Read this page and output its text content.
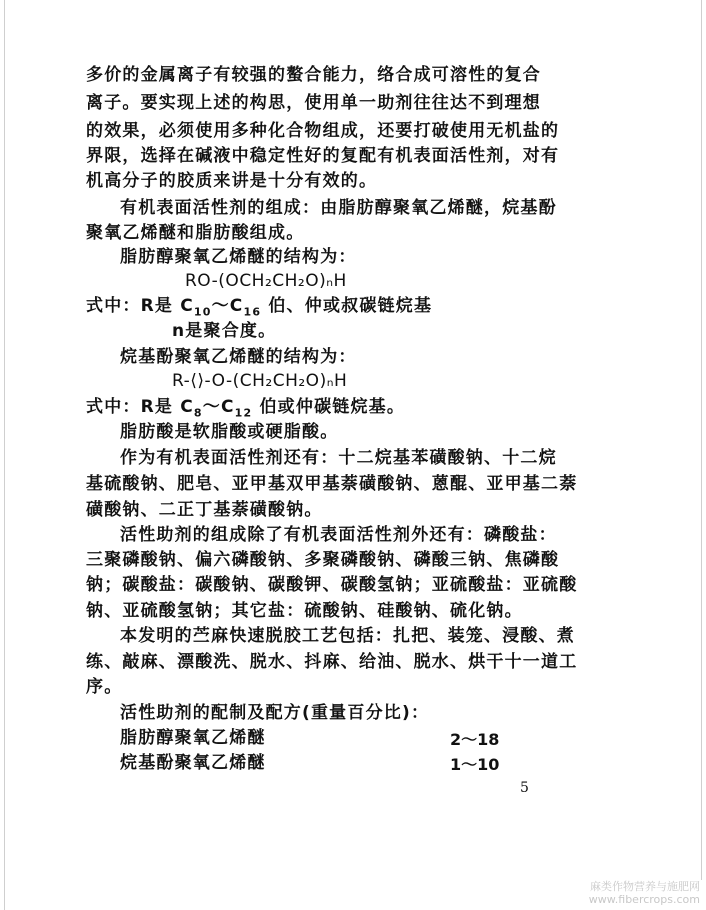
多价的金属离子有较强的螯合能力，络合成可溶性的复合
离子。要实现上述的构思，使用单一助剂往往达不到理想
的效果，必须使用多种化合物组成，还要打破使用无机盐的
界限，选择在碱液中稳定性好的复配有机表面活性剂，对有
机高分子的胶质来讲是十分有效的。
有机表面活性剂的组成：由脂肪醇聚氧乙烯醚，烷基酚
聚氧乙烯醚和脂肪酸组成。
脂肪醇聚氧乙烯醚的结构为：
RO-(OCH₂CH₂O)ₙH
式中：R是 $C_{10}\sim C_{16}$ 伯、仲或叔碳链烷基
n是聚合度。
烷基酚聚氧乙烯醚的结构为：
R-⟨⟩-O-(CH₂CH₂O)ₙH
式中：R是 $C_8\sim C_{12}$ 伯或仲碳链烷基。
脂肪酸是软脂酸或硬脂酸。
作为有机表面活性剂还有：十二烷基苯磺酸钠、十二烷
基硫酸钠、肥皂、亚甲基双甲基萘磺酸钠、蒽醌、亚甲基二萘
磺酸钠、二正丁基萘磺酸钠。
活性助剂的组成除了有机表面活性剂外还有：磷酸盐：
三聚磷酸钠、偏六磷酸钠、多聚磷酸钠、磷酸三钠、焦磷酸
钠；碳酸盐：碳酸钠、碳酸钾、碳酸氢钠；亚硫酸盐：亚硫酸
钠、亚硫酸氢钠；其它盐：硫酸钠、硅酸钠、硫化钠。
本发明的苎麻快速脱胶工艺包括：扎把、装笼、浸酸、煮
练、敲麻、漂酸洗、脱水、抖麻、给油、脱水、烘干十一道工
序。
活性助剂的配制及配方(重量百分比)：
脂肪醇聚氧乙烯醚	2～18
烷基酚聚氧乙烯醚	1～10
5
麻类作物营养与施肥网
www.fibercrops.com
